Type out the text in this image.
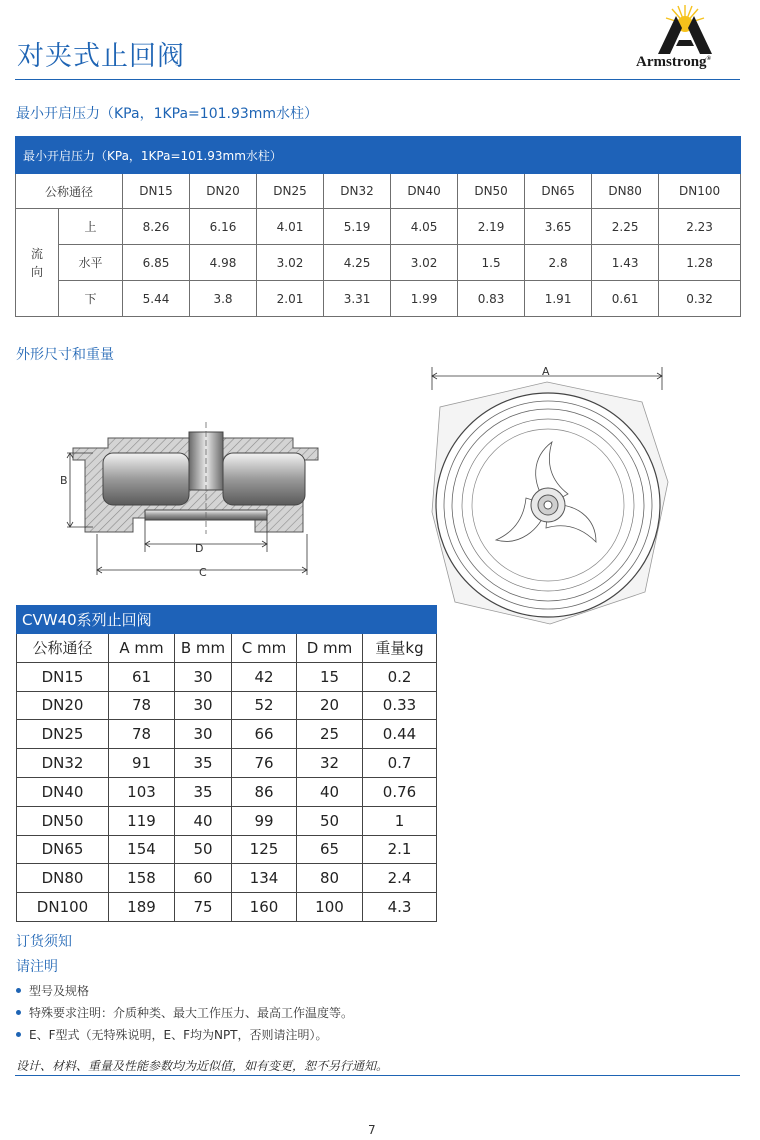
对夹式止回阀	Armstrong®
最小开启压力（KPa，1KPa=101.93mm水柱）
最小开启压力（KPa，1KPa=101.93mm水柱）										
公称通径		DN15	DN20	DN25	DN32	DN40	DN50	DN65	DN80	DN100
流
向	上	8.26	6.16	4.01	5.19	4.05	2.19	3.65	2.25	2.23
	水平	6.85	4.98	3.02	4.25	3.02	1.5	2.8	1.43	1.28
	下	5.44	3.8	2.01	3.31	1.99	0.83	1.91	0.61	0.32
外形尺寸和重量
B
D
C
A
CVW40系列止回阀					
公称通径	A mm	B mm	C mm	D mm	重量kg
DN15	61	30	42	15	0.2
DN20	78	30	52	20	0.33
DN25	78	30	66	25	0.44
DN32	91	35	76	32	0.7
DN40	103	35	86	40	0.76
DN50	119	40	99	50	1
DN65	154	50	125	65	2.1
DN80	158	60	134	80	2.4
DN100	189	75	160	100	4.3
订货须知
请注明
型号及规格
特殊要求注明：介质种类、最大工作压力、最高工作温度等。
E、F型式（无特殊说明，E、F均为NPT，否则请注明）。
设计、材料、重量及性能参数均为近似值，如有变更，恕不另行通知。
7
